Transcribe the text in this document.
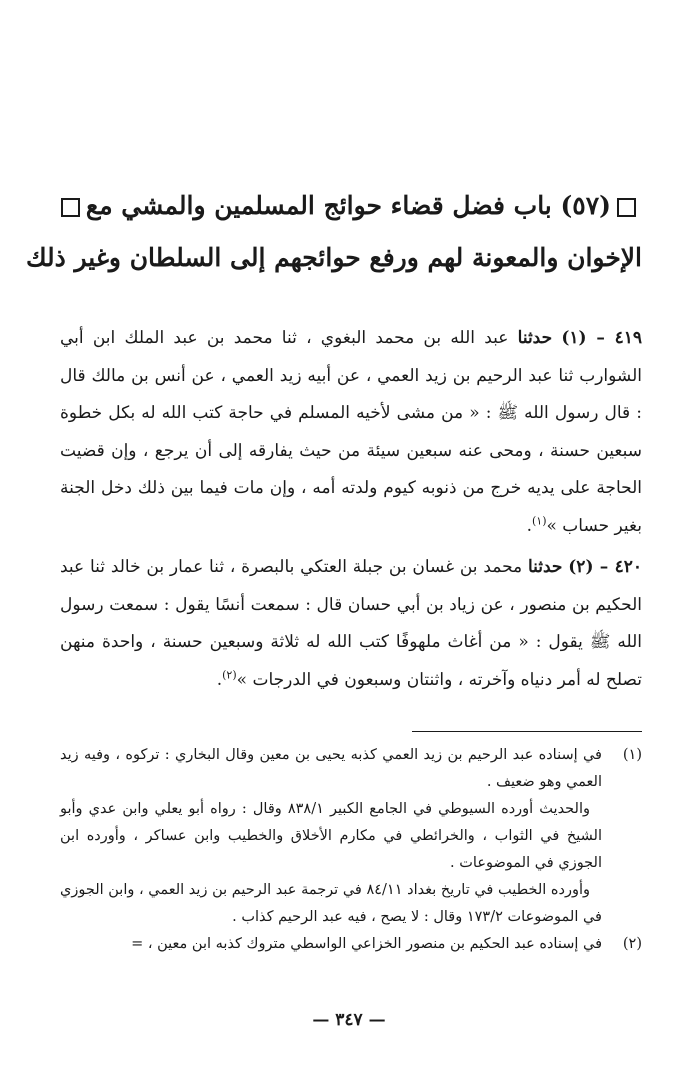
(٥٧) باب فضل قضاء حوائج المسلمين والمشي مع
الإخوان والمعونة لهم ورفع حوائجهم إلى السلطان وغير ذلك

٤١٩ – (١) حدثنا عبد الله بن محمد البغوي ، ثنا محمد بن عبد الملك ابن أبي الشوارب ثنا عبد الرحيم بن زيد العمي ، عن أبيه زيد العمي ، عن أنس بن مالك قال : قال رسول الله ﷺ : « من مشى لأخيه المسلم في حاجة كتب الله له بكل خطوة سبعين حسنة ، ومحى عنه سبعين سيئة من حيث يفارقه إلى أن يرجع ، وإن قضيت الحاجة على يديه خرج من ذنوبه كيوم ولدته أمه ، وإن مات فيما بين ذلك دخل الجنة بغير حساب »$^{(١)}$.

٤٢٠ – (٢) حدثنا محمد بن غسان بن جبلة العتكي بالبصرة ، ثنا عمار بن خالد ثنا عبد الحكيم بن منصور ، عن زياد بن أبي حسان قال : سمعت أنسًا يقول : سمعت رسول الله ﷺ يقول : « من أغاث ملهوفًا كتب الله له ثلاثة وسبعين حسنة ، واحدة منهن تصلح له أمر دنياه وآخرته ، واثنتان وسبعون في الدرجات »$^{(٢)}$.

(١)
في إسناده عبد الرحيم بن زيد العمي كذبه يحيى بن معين وقال البخاري : تركوه ، وفيه زيد العمي وهو ضعيف .

والحديث أورده السيوطي في الجامع الكبير ٨٣٨/١ وقال : رواه أبو يعلي وابن عدي وأبو الشيخ في الثواب ، والخرائطي في مكارم الأخلاق والخطيب وابن عساكر ، وأورده ابن الجوزي في الموضوعات .

وأورده الخطيب في تاريخ بغداد ٨٤/١١ في ترجمة عبد الرحيم بن زيد العمي ، وابن الجوزي في الموضوعات ١٧٣/٢ وقال : لا يصح ، فيه عبد الرحيم كذاب .

(٢)
في إسناده عبد الحكيم بن منصور الخزاعي الواسطي متروك كذبه ابن معين ، =
— ٣٤٧ —
